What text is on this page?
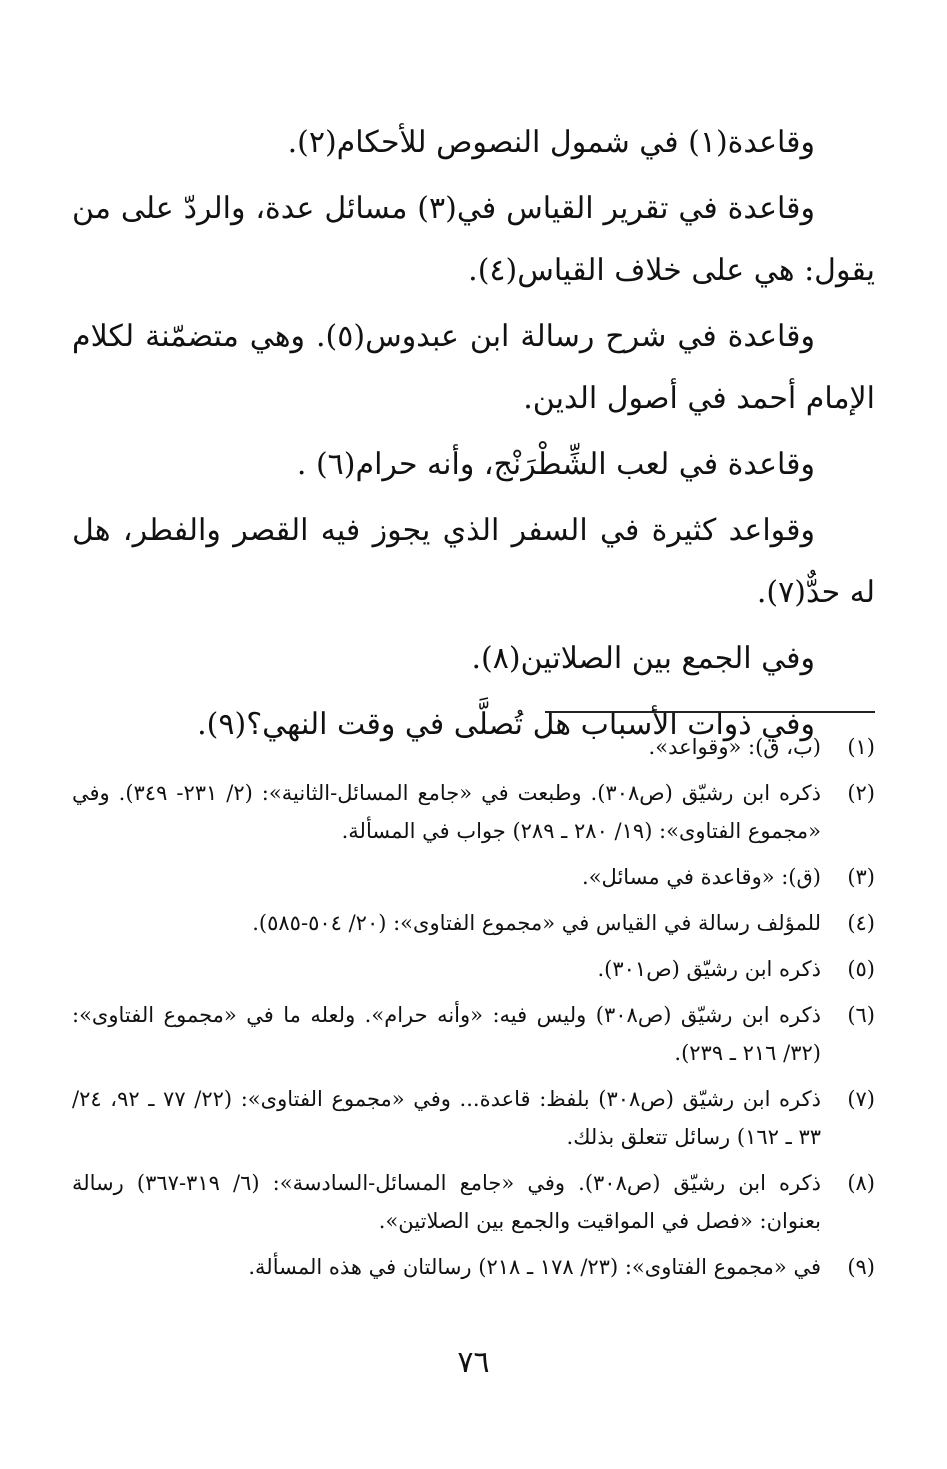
وقاعدة(١) في شمول النصوص للأحكام(٢).

وقاعدة في تقرير القياس في(٣) مسائل عدة، والردّ على من يقول: هي على خلاف القياس(٤).

وقاعدة في شرح رسالة ابن عبدوس(٥). وهي متضمّنة لكلام الإمام أحمد في أصول الدين.

وقاعدة في لعب الشِّطْرَنْج، وأنه حرام(٦) .

وقواعد كثيرة في السفر الذي يجوز فيه القصر والفطر، هل له حدٌّ(٧).

وفي الجمع بين الصلاتين(٨).

وفي ذوات الأسباب هل تُصلَّى في وقت النهي؟(٩).

(١)
(ب، ق): «وقواعد».
(٢)
ذكره ابن رشيّق (ص٣٠٨). وطبعت في «جامع المسائل-الثانية»: (٢/ ٢٣١- ٣٤٩). وفي «مجموع الفتاوى»: (١٩/ ٢٨٠ ـ ٢٨٩) جواب في المسألة.
(٣)
(ق): «وقاعدة في مسائل».
(٤)
للمؤلف رسالة في القياس في «مجموع الفتاوى»: (٢٠/ ٥٠٤-٥٨٥).
(٥)
ذكره ابن رشيّق (ص٣٠١).
(٦)
ذكره ابن رشيّق (ص٣٠٨) وليس فيه: «وأنه حرام». ولعله ما في «مجموع الفتاوى»: (٣٢/ ٢١٦ ـ ٢٣٩).
(٧)
ذكره ابن رشيّق (ص٣٠٨) بلفظ: قاعدة... وفي «مجموع الفتاوى»: (٢٢/ ٧٧ ـ ٩٢، ٢٤/ ٣٣ ـ ١٦٢) رسائل تتعلق بذلك.
(٨)
ذكره ابن رشيّق (ص٣٠٨). وفي «جامع المسائل-السادسة»: (٦/ ٣١٩-٣٦٧) رسالة بعنوان: «فصل في المواقيت والجمع بين الصلاتين».
(٩)
في «مجموع الفتاوى»: (٢٣/ ١٧٨ ـ ٢١٨) رسالتان في هذه المسألة.
٧٦
